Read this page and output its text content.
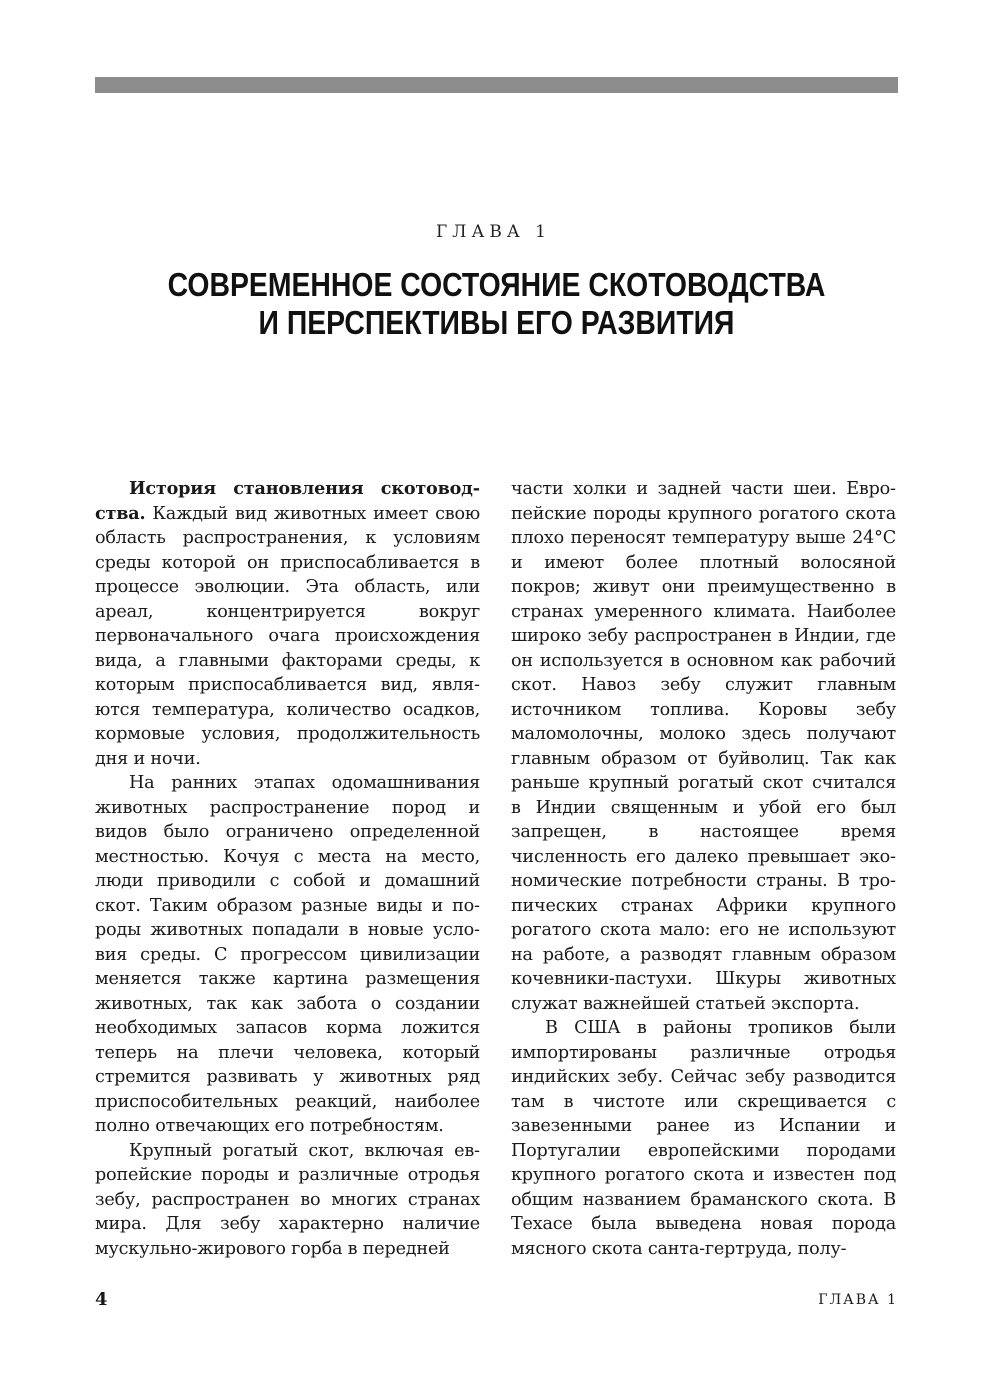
ГЛАВА 1
СОВРЕМЕННОЕ СОСТОЯНИЕ СКОТОВОДСТВА
И ПЕРСПЕКТИВЫ ЕГО РАЗВИТИЯ

История становления скотоводства. Каждый вид животных имеет свою область распространения, к условиям среды которой он приспосабливается в процессе эволюции. Эта область, или ареал, концентрируется вокруг первоначального очага происхождения вида, а главными факторами среды, к которым приспосабливается вид, являются температура, количество осадков, кормовые условия, продолжительность дня и ночи.

На ранних этапах одомашнивания животных распространение пород и видов было ограничено определенной местностью. Кочуя с места на место, люди приводили с собой и домашний скот. Таким образом разные виды и породы животных попадали в новые условия среды. С прогрессом цивилизации меняется также картина размещения животных, так как забота о создании необходимых запасов корма ложится теперь на плечи человека, который стремится развивать у животных ряд приспособительных реакций, наиболее полно отвечающих его потребностям.

Крупный рогатый скот, включая европейские породы и различные отродья зебу, распространен во многих странах мира. Для зебу характерно наличие мускульно-жирового горба в передней

части холки и задней части шеи. Европейские породы крупного рогатого скота плохо переносят температуру выше 24°C и имеют более плотный волосяной покров; живут они преимущественно в странах умеренного климата. Наиболее широко зебу распространен в Индии, где он используется в основном как рабочий скот. Навоз зебу служит главным источником топлива. Коровы зебу маломолочны, молоко здесь получают главным образом от буйволиц. Так как раньше крупный рогатый скот считался в Индии священным и убой его был запрещен, в настоящее время численность его далеко превышает экономические потребности страны. В тропических странах Африки крупного рогатого скота мало: его не используют на работе, а разводят главным образом кочевники-пастухи. Шкуры животных служат важнейшей статьей экспорта.

В США в районы тропиков были импортированы различные отродья индийских зебу. Сейчас зебу разводится там в чистоте или скрещивается с завезенными ранее из Испании и Португалии европейскими породами крупного рогатого скота и известен под общим названием браманского скота. В Техасе была выведена новая порода мясного скота санта-гертруда, полу-

4	ГЛАВА 1
